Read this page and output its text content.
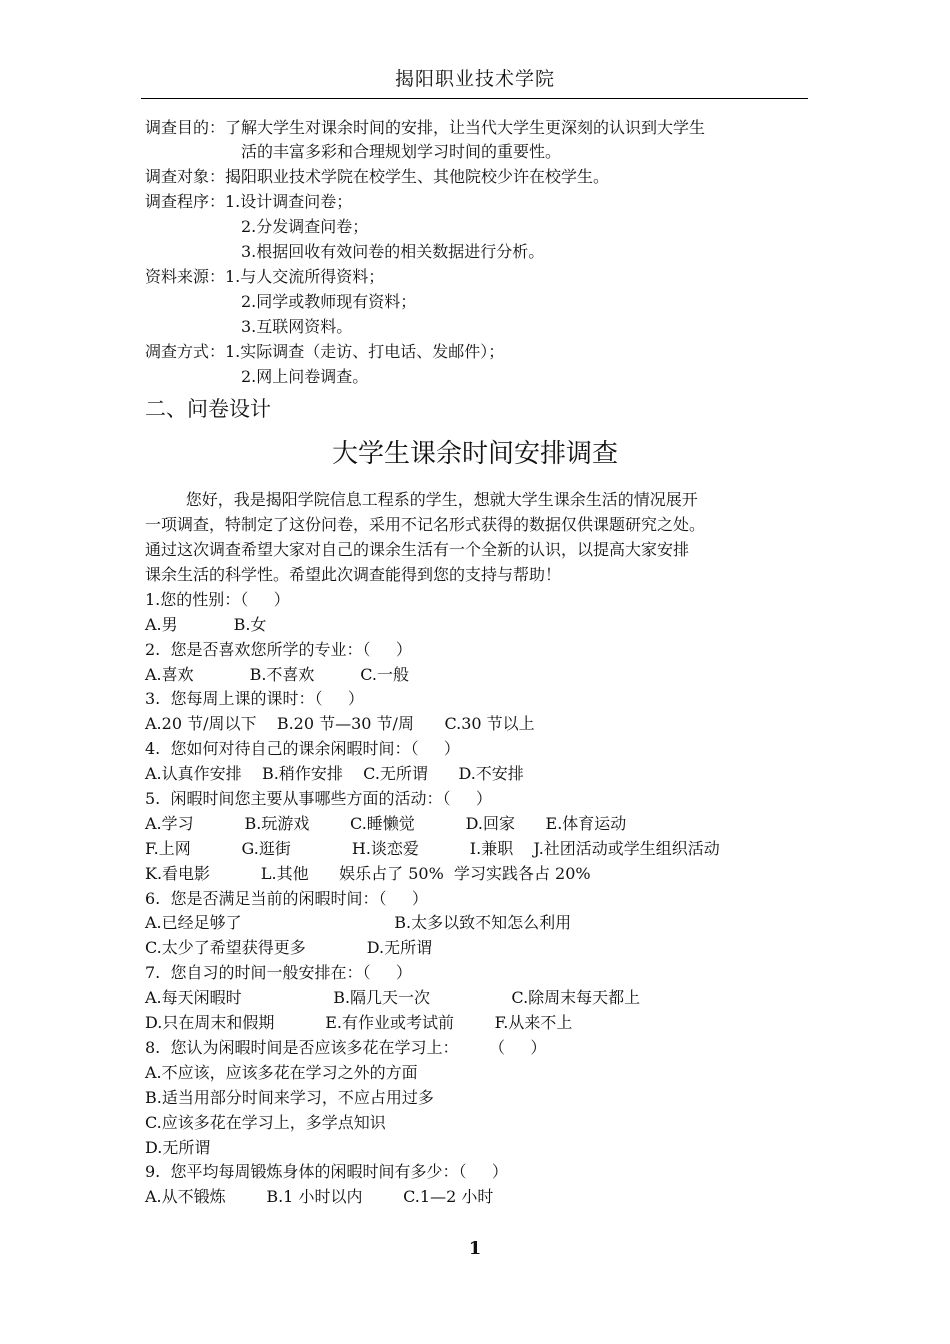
揭阳职业技术学院
调查目的：了解大学生对课余时间的安排，让当代大学生更深刻的认识到大学生
活的丰富多彩和合理规划学习时间的重要性。
调查对象：揭阳职业技术学院在校学生、其他院校少许在校学生。
调查程序：1.设计调查问卷；
2.分发调查问卷；
3.根据回收有效问卷的相关数据进行分析。
资料来源：1.与人交流所得资料；
2.同学或教师现有资料；
3.互联网资料。
凋查方式：1.实际调查（走访、打电话、发邮件）；
2.网上问卷调查。
二、问卷设计
大学生课余时间安排调查
您好，我是揭阳学院信息工程系的学生，想就大学生课余生活的情况展开
一项调查，特制定了这份问卷，采用不记名形式获得的数据仅供课题研究之处。
通过这次调查希望大家对自己的课余生活有一个全新的认识，以提高大家安排
课余生活的科学性。希望此次调查能得到您的支持与帮助！
1.您的性别：（     ）
A.男           B.女
2.  您是否喜欢您所学的专业：（     ）
A.喜欢           B.不喜欢         C.一般
3.  您每周上课的课时：（     ）
A.20 节/周以下    B.20 节—30 节/周      C.30 节以上
4.  您如何对待自己的课余闲暇时间：（     ）
A.认真作安排    B.稍作安排    C.无所谓      D.不安排
5.  闲暇时间您主要从事哪些方面的活动：（     ）
A.学习          B.玩游戏        C.睡懒觉          D.回家      E.体育运动
F.上网          G.逛街            H.谈恋爱          I.兼职    J.社团活动或学生组织活动
K.看电影          L.其他      娱乐占了 50%  学习实践各占 20%
6.  您是否满足当前的闲暇时间：（     ）
A.已经足够了                              B.太多以致不知怎么利用
C.太少了希望获得更多            D.无所谓
7.  您自习的时间一般安排在：（     ）
A.每天闲暇时                  B.隔几天一次                C.除周末每天都上
D.只在周末和假期          E.有作业或考试前        F.从来不上
8.  您认为闲暇时间是否应该多花在学习上：      （     ）
A.不应该，应该多花在学习之外的方面
B.适当用部分时间来学习，不应占用过多
C.应该多花在学习上，多学点知识
D.无所谓
9.  您平均每周锻炼身体的闲暇时间有多少：（     ）
A.从不锻炼        B.1 小时以内        C.1—2 小时
1
